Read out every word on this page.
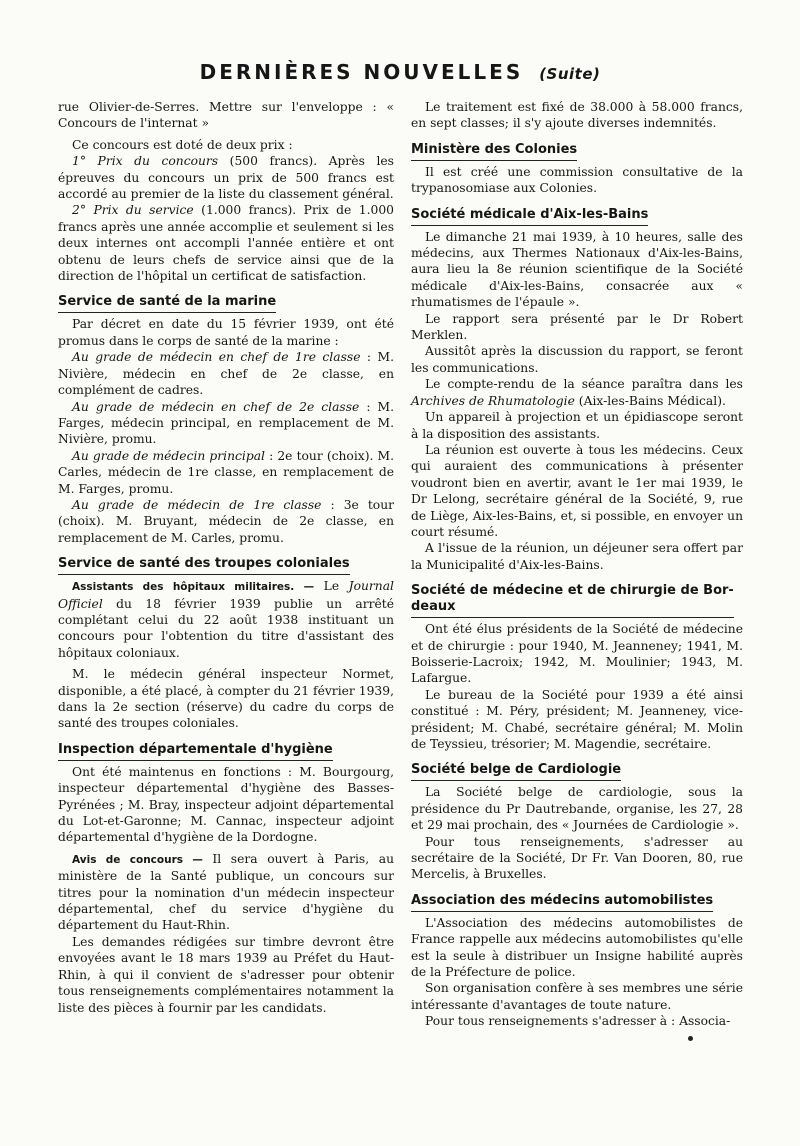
DERNIÈRES NOUVELLES (Suite)

rue Olivier-de-Serres. Mettre sur l'enveloppe : « Concours de l'internat »

Ce concours est doté de deux prix :

1° Prix du concours (500 francs). Après les épreuves du concours un prix de 500 francs est accordé au premier de la liste du classement général.

2° Prix du service (1.000 francs). Prix de 1.000 francs après une année accomplie et seulement si les deux internes ont accompli l'année entière et ont obtenu de leurs chefs de service ainsi que de la direction de l'hôpital un certificat de satisfaction.

Service de santé de la marine

Par décret en date du 15 février 1939, ont été promus dans le corps de santé de la marine :

Au grade de médecin en chef de 1re classe : M. Nivière, médecin en chef de 2e classe, en complément de cadres.

Au grade de médecin en chef de 2e classe : M. Farges, médecin principal, en remplacement de M. Nivière, promu.

Au grade de médecin principal : 2e tour (choix). M. Carles, médecin de 1re classe, en remplacement de M. Farges, promu.

Au grade de médecin de 1re classe : 3e tour (choix). M. Bruyant, médecin de 2e classe, en remplacement de M. Carles, promu.

Service de santé des troupes coloniales

Assistants des hôpitaux militaires. — Le Journal Officiel du 18 février 1939 publie un arrêté complétant celui du 22 août 1938 instituant un concours pour l'obtention du titre d'assistant des hôpitaux coloniaux.

M. le médecin général inspecteur Normet, disponible, a été placé, à compter du 21 février 1939, dans la 2e section (réserve) du cadre du corps de santé des troupes coloniales.

Inspection départementale d'hygiène

Ont été maintenus en fonctions : M. Bourgourg, inspecteur départemental d'hygiène des Basses-Pyrénées ; M. Bray, inspecteur adjoint départemental du Lot-et-Garonne; M. Cannac, inspecteur adjoint départemental d'hygiène de la Dordogne.

Avis de concours — Il sera ouvert à Paris, au ministère de la Santé publique, un concours sur titres pour la nomination d'un médecin inspecteur départemental, chef du service d'hygiène du département du Haut-Rhin.

Les demandes rédigées sur timbre devront être envoyées avant le 18 mars 1939 au Préfet du Haut-Rhin, à qui il convient de s'adresser pour obtenir tous renseignements complémentaires notamment la liste des pièces à fournir par les candidats.

Le traitement est fixé de 38.000 à 58.000 francs, en sept classes; il s'y ajoute diverses indemnités.

Ministère des Colonies

Il est créé une commission consultative de la trypanosomiase aux Colonies.

Société médicale d'Aix-les-Bains

Le dimanche 21 mai 1939, à 10 heures, salle des médecins, aux Thermes Nationaux d'Aix-les-Bains, aura lieu la 8e réunion scientifique de la Société médicale d'Aix-les-Bains, consacrée aux « rhumatismes de l'épaule ».

Le rapport sera présenté par le Dr Robert Merklen.

Aussitôt après la discussion du rapport, se feront les communications.

Le compte-rendu de la séance paraîtra dans les Archives de Rhumatologie (Aix-les-Bains Médical).

Un appareil à projection et un épidiascope seront à la disposition des assistants.

La réunion est ouverte à tous les médecins. Ceux qui auraient des communications à présenter voudront bien en avertir, avant le 1er mai 1939, le Dr Lelong, secrétaire général de la Société, 9, rue de Liège, Aix-les-Bains, et, si possible, en envoyer un court résumé.

A l'issue de la réunion, un déjeuner sera offert par la Municipalité d'Aix-les-Bains.

Société de médecine et de chirurgie de Bor-
deaux

Ont été élus présidents de la Société de médecine et de chirurgie : pour 1940, M. Jeanneney; 1941, M. Boisserie-Lacroix; 1942, M. Moulinier; 1943, M. Lafargue.

Le bureau de la Société pour 1939 a été ainsi constitué : M. Péry, président; M. Jeanneney, vice-président; M. Chabé, secrétaire général; M. Molin de Teyssieu, trésorier; M. Magendie, secrétaire.

Société belge de Cardiologie

La Société belge de cardiologie, sous la présidence du Pr Dautrebande, organise, les 27, 28 et 29 mai prochain, des « Journées de Cardiologie ».

Pour tous renseignements, s'adresser au secrétaire de la Société, Dr Fr. Van Dooren, 80, rue Mercelis, à Bruxelles.

Association des médecins automobilistes

L'Association des médecins automobilistes de France rappelle aux médecins automobilistes qu'elle est la seule à distribuer un Insigne habilité auprès de la Préfecture de police.

Son organisation confère à ses membres une série intéressante d'avantages de toute nature.

Pour tous renseignements s'adresser à : Associa-
